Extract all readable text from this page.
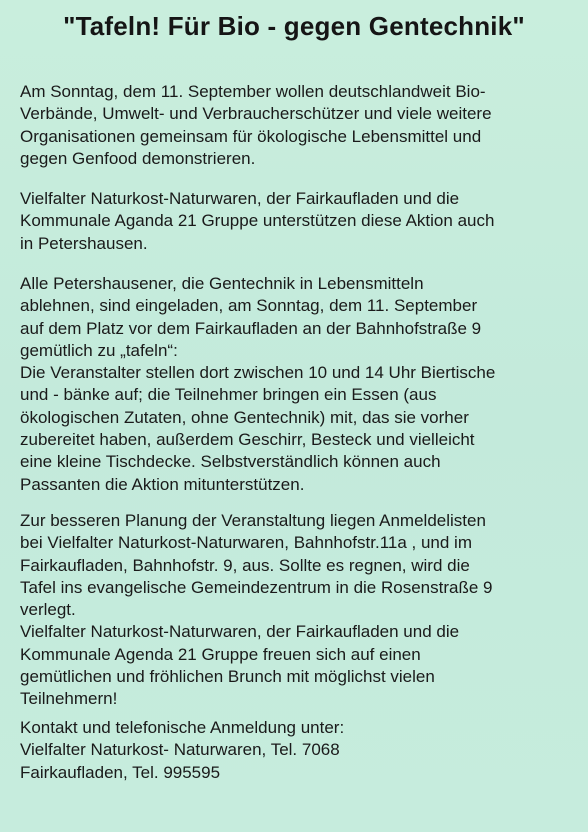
"Tafeln! Für Bio - gegen Gentechnik"

Am Sonntag, dem 11. September wollen deutschlandweit Bio-
Verbände, Umwelt- und Verbraucherschützer und viele weitere
Organisationen gemeinsam für ökologische Lebensmittel und
gegen Genfood demonstrieren.

Vielfalter Naturkost-Naturwaren, der Fairkaufladen und die
Kommunale Aganda 21 Gruppe unterstützen diese Aktion auch
in Petershausen.

Alle Petershausener, die Gentechnik in Lebensmitteln
ablehnen, sind eingeladen, am Sonntag, dem 11. September
auf dem Platz vor dem Fairkaufladen an der Bahnhofstraße 9
gemütlich zu „tafeln“:
Die Veranstalter stellen dort zwischen 10 und 14 Uhr Biertische
und - bänke auf; die Teilnehmer bringen ein Essen (aus
ökologischen Zutaten, ohne Gentechnik) mit, das sie vorher
zubereitet haben, außerdem Geschirr, Besteck und vielleicht
eine kleine Tischdecke. Selbstverständlich können auch
Passanten die Aktion mitunterstützen.

Zur besseren Planung der Veranstaltung liegen Anmeldelisten
bei Vielfalter Naturkost-Naturwaren, Bahnhofstr.11a , und im
Fairkaufladen, Bahnhofstr. 9, aus. Sollte es regnen, wird die
Tafel ins evangelische Gemeindezentrum in die Rosenstraße 9
verlegt.
Vielfalter Naturkost-Naturwaren, der Fairkaufladen und die
Kommunale Agenda 21 Gruppe freuen sich auf einen
gemütlichen und fröhlichen Brunch mit möglichst vielen
Teilnehmern!

Kontakt und telefonische Anmeldung unter:
Vielfalter Naturkost- Naturwaren, Tel. 7068
Fairkaufladen, Tel. 995595
